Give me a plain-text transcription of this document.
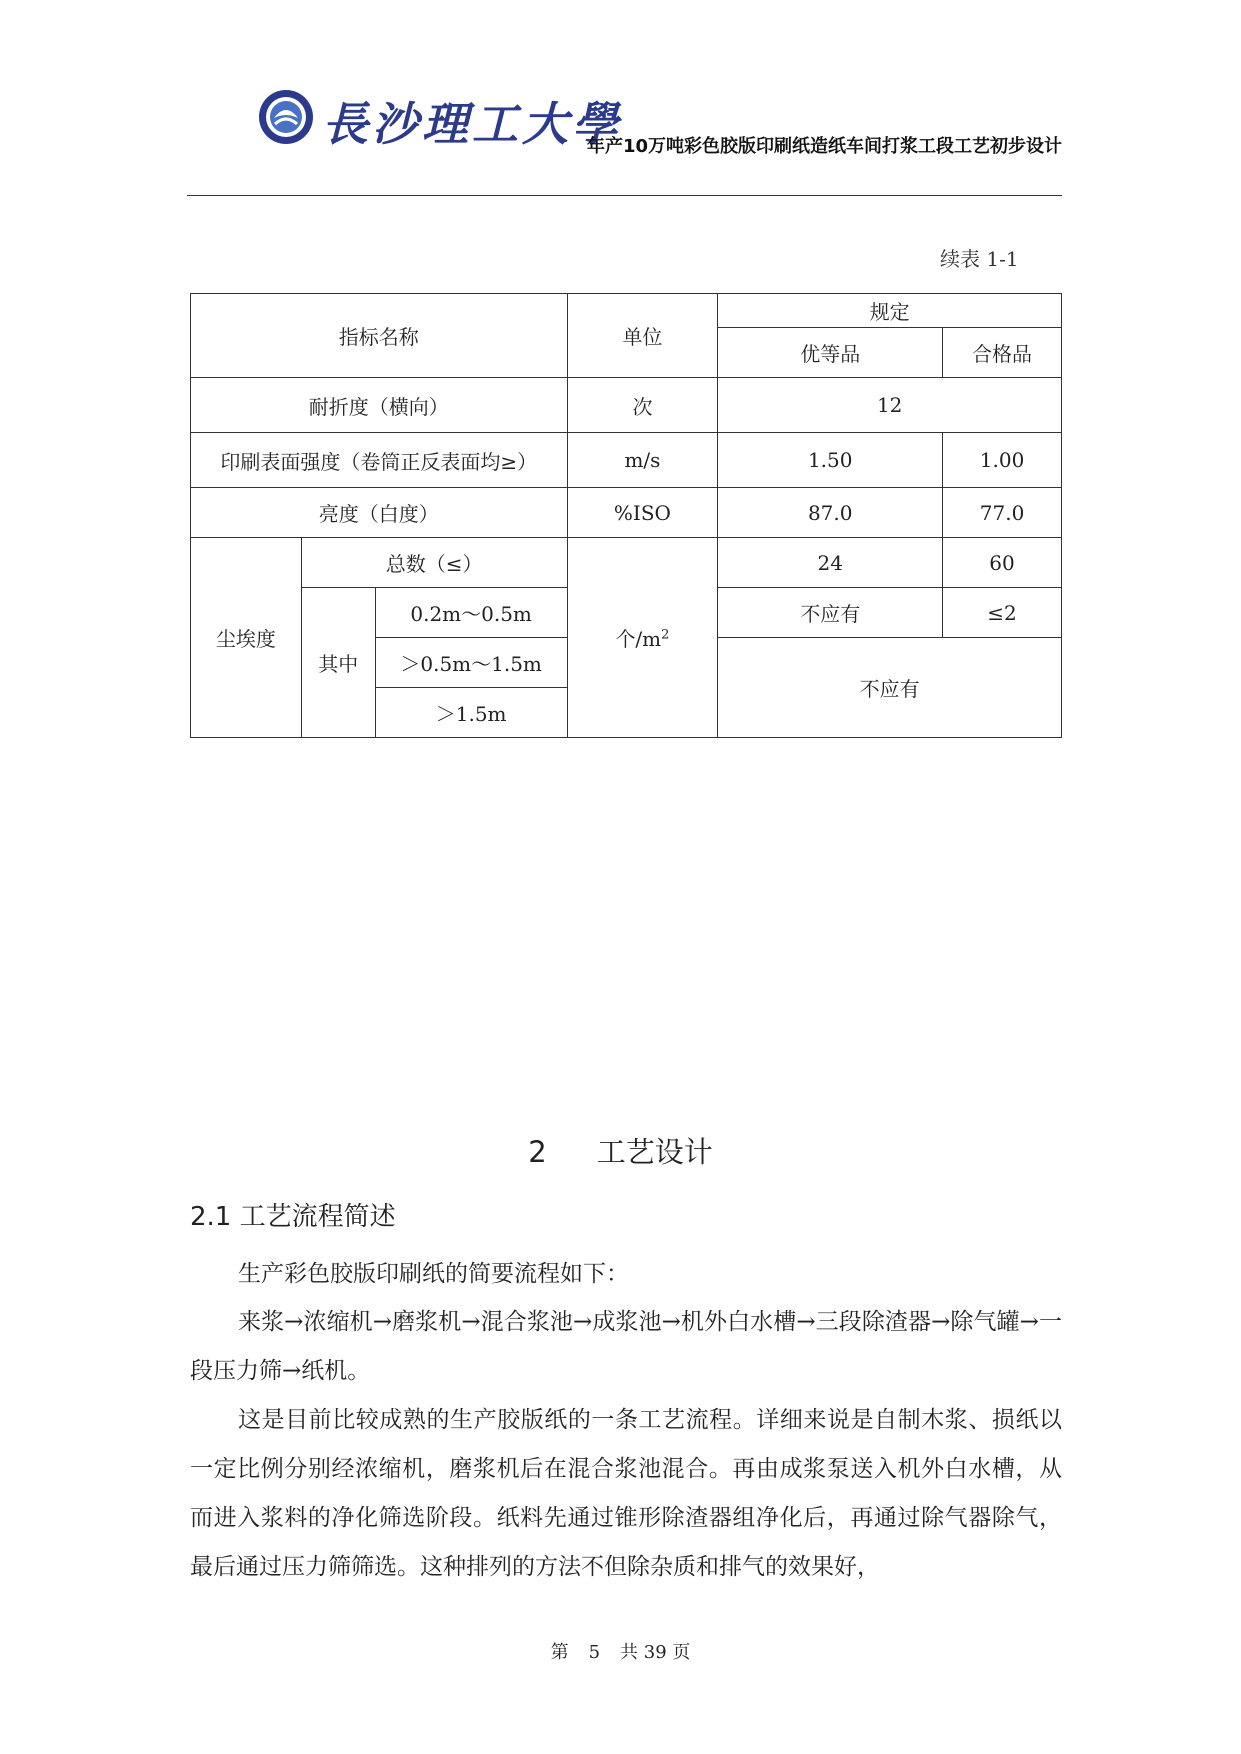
長沙理工大學
年产10万吨彩色胶版印刷纸造纸车间打浆工段工艺初步设计
续表 1-1
指标名称			单位	规定	
				优等品	合格品
耐折度（横向）			次	12	
印刷表面强度（卷筒正反表面均≥）			m/s	1.50	1.00
亮度（白度）			%ISO	87.0	77.0
尘埃度	总数（≤）		个$/m^2$	24	60
	其中	0.2m～0.5m		不应有	≤2
		＞0.5m～1.5m		不应有	
		＞1.5m			
2 工艺设计
2.1 工艺流程简述

生产彩色胶版印刷纸的简要流程如下：

来浆→浓缩机→磨浆机→混合浆池→成浆池→机外白水槽→三段除渣器→除气罐→一段压力筛→纸机。

这是目前比较成熟的生产胶版纸的一条工艺流程。详细来说是自制木浆、损纸以一定比例分别经浓缩机，磨浆机后在混合浆池混合。再由成浆泵送入机外白水槽，从而进入浆料的净化筛选阶段。纸料先通过锥形除渣器组净化后，再通过除气器除气，最后通过压力筛筛选。这种排列的方法不但除杂质和排气的效果好，

第 5 共 39 页
